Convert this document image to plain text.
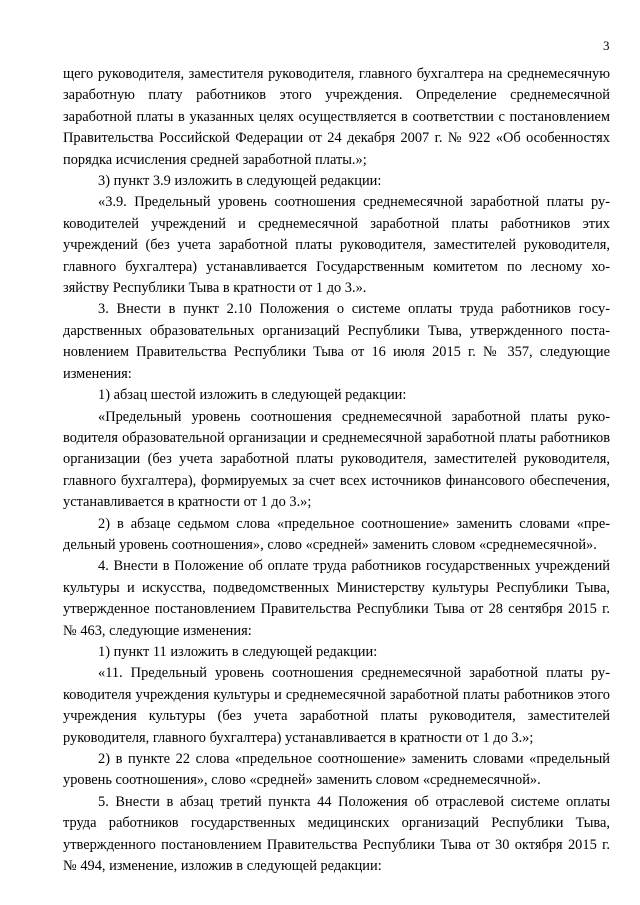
3

щего руководителя, заместителя руководителя, главного бухгалтера на среднемесячную заработную плату работников этого учреждения. Определение среднемесячной заработной платы в указанных целях осуществляется в соответствии с постановлением Правительства Российской Федерации от 24 декабря 2007 г. № 922 «Об особенностях порядка исчисления средней заработной платы.»;

3) пункт 3.9 изложить в следующей редакции:

«3.9. Предельный уровень соотношения среднемесячной заработной платы руководителей учреждений и среднемесячной заработной платы работников этих учреждений (без учета заработной платы руководителя, заместителей руководителя, главного бухгалтера) устанавливается Государственным комитетом по лесному хозяйству Республики Тыва в кратности от 1 до 3.».

3. Внести в пункт 2.10 Положения о системе оплаты труда работников государственных образовательных организаций Республики Тыва, утвержденного постановлением Правительства Республики Тыва от 16 июля 2015 г. № 357, следующие изменения:

1) абзац шестой изложить в следующей редакции:

«Предельный уровень соотношения среднемесячной заработной платы руководителя образовательной организации и среднемесячной заработной платы работников организации (без учета заработной платы руководителя, заместителей руководителя, главного бухгалтера), формируемых за счет всех источников финансового обеспечения, устанавливается в кратности от 1 до 3.»;

2) в абзаце седьмом слова «предельное соотношение» заменить словами «предельный уровень соотношения», слово «средней» заменить словом «среднемесячной».

4. Внести в Положение об оплате труда работников государственных учреждений культуры и искусства, подведомственных Министерству культуры Республики Тыва, утвержденное постановлением Правительства Республики Тыва от 28 сентября 2015 г. № 463, следующие изменения:

1) пункт 11 изложить в следующей редакции:

«11. Предельный уровень соотношения среднемесячной заработной платы руководителя учреждения культуры и среднемесячной заработной платы работников этого учреждения культуры (без учета заработной платы руководителя, заместителей руководителя, главного бухгалтера) устанавливается в кратности от 1 до 3.»;

2) в пункте 22 слова «предельное соотношение» заменить словами «предельный уровень соотношения», слово «средней» заменить словом «среднемесячной».

5. Внести в абзац третий пункта 44 Положения об отраслевой системе оплаты труда работников государственных медицинских организаций Республики Тыва, утвержденного постановлением Правительства Республики Тыва от 30 октября 2015 г. № 494, изменение, изложив в следующей редакции:
